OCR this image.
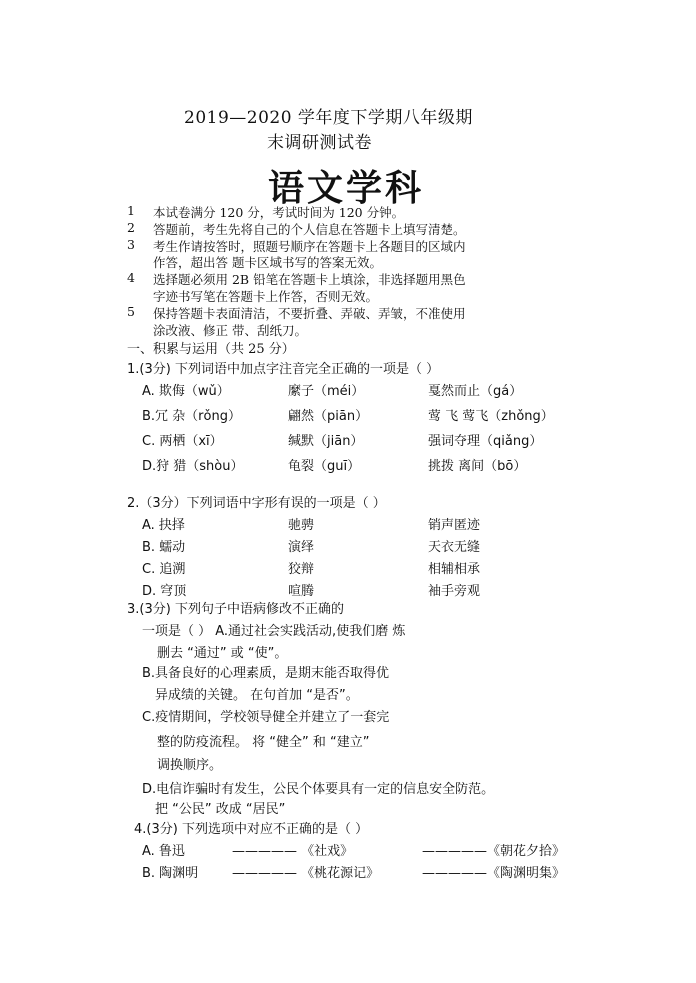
2019—2020 学年度下学期八年级期
末调研测试卷
语文学科
1 本试卷满分 120 分，考试时间为 120 分钟。
2 答题前，考生先将自己的个人信息在答题卡上填写清楚。
3 考生作请按答时，照题号顺序在答题卡上各题目的区域内
作答，超出答 题卡区域书写的答案无效。
4 选择题必须用 2B 铅笔在答题卡上填涂，非选择题用黑色
字迹书写笔在答题卡上作答，否则无效。
5 保持答题卡表面清洁，不要折叠、弄破、弄皱，不准使用
涂改液、修正 带、刮纸刀。
一、积累与运用（共 25 分）
1.(3分) 下列词语中加点字注音完全正确的一项是（ ）
A. 欺侮（wǔ）	縻子（méi）	戛然而止（gá）
B.冗 杂（rǒng）	翩然（piān）	莺 飞 莺飞（zhǒng）
C. 两栖（xī）	缄默（jiān）	强词夺理（qiǎng）
D.狩 猎（shòu）	龟裂（guī）	挑拨 离间（bō）
2.（3分）下列词语中字形有误的一项是（ ）
A. 抉择	驰骋	销声匿迹
B. 蠕动	演绎	天衣无缝
C. 追溯	狡辩	相辅相承
D. 穹顶	喧腾	袖手旁观
3.(3分) 下列句子中语病修改不正确的
一项是（ ） A.通过社会实践活动,使我们磨 炼
删去 “通过” 或 “使”。
B.具备良好的心理素质，是期末能否取得优
异成绩的关键。 在句首加 “是否”。
C.疫情期间，学校领导健全并建立了一套完
整的防疫流程。 将 “健全” 和 “建立”
调换顺序。
D.电信诈骗时有发生，公民个体要具有一定的信息安全防范。
把 “公民” 改成 “居民”
4.(3分) 下列选项中对应不正确的是（ ）
A. 鲁迅	————— 《社戏》	—————《朝花夕拾》
B. 陶渊明	————— 《桃花源记》	—————《陶渊明集》
